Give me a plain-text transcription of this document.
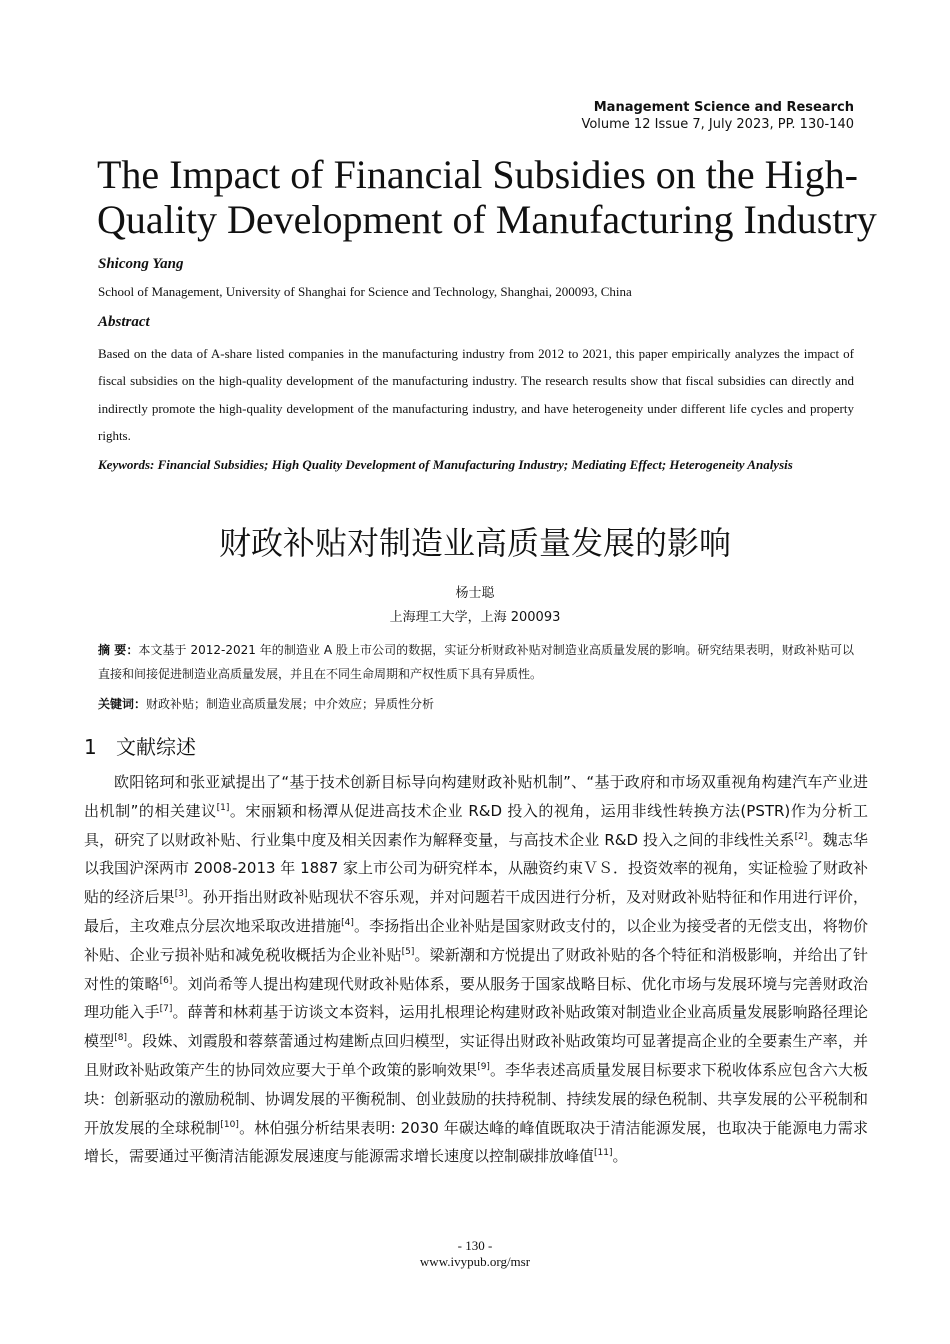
Management Science and Research
Volume 12 Issue 7, July 2023, PP. 130-140
The Impact of Financial Subsidies on the High-Quality Development of Manufacturing Industry
Shicong Yang
School of Management, University of Shanghai for Science and Technology, Shanghai, 200093, China
Abstract
Based on the data of A-share listed companies in the manufacturing industry from 2012 to 2021, this paper empirically analyzes the impact of fiscal subsidies on the high-quality development of the manufacturing industry. The research results show that fiscal subsidies can directly and indirectly promote the high-quality development of the manufacturing industry, and have heterogeneity under different life cycles and property rights.
Keywords: Financial Subsidies; High Quality Development of Manufacturing Industry; Mediating Effect; Heterogeneity Analysis
财政补贴对制造业高质量发展的影响
杨士聪
上海理工大学，上海 200093
摘 要：本文基于 2012-2021 年的制造业 A 股上市公司的数据，实证分析财政补贴对制造业高质量发展的影响。研究结果表明，财政补贴可以直接和间接促进制造业高质量发展，并且在不同生命周期和产权性质下具有异质性。
关键词：财政补贴；制造业高质量发展；中介效应；异质性分析
1 文献综述
欧阳铭珂和张亚斌提出了“基于技术创新目标导向构建财政补贴机制”、“基于政府和市场双重视角构建汽车产业进出机制”的相关建议[1]。宋丽颖和杨潭从促进高技术企业 R&D 投入的视角，运用非线性转换方法(PSTR)作为分析工具，研究了以财政补贴、行业集中度及相关因素作为解释变量，与高技术企业 R&D 投入之间的非线性关系[2]。魏志华以我国沪深两市 2008-2013 年 1887 家上市公司为研究样本，从融资约束ＶＳ．投资效率的视角，实证检验了财政补贴的经济后果[3]。孙开指出财政补贴现状不容乐观，并对问题若干成因进行分析，及对财政补贴特征和作用进行评价，最后，主攻难点分层次地采取改进措施[4]。李扬指出企业补贴是国家财政支付的，以企业为接受者的无偿支出，将物价补贴、企业亏损补贴和减免税收概括为企业补贴[5]。梁新潮和方悦提出了财政补贴的各个特征和消极影响，并给出了针对性的策略[6]。刘尚希等人提出构建现代财政补贴体系，要从服务于国家战略目标、优化市场与发展环境与完善财政治理功能入手[7]。薛菁和林莉基于访谈文本资料，运用扎根理论构建财政补贴政策对制造业企业高质量发展影响路径理论模型[8]。段姝、刘霞殷和蓉蔡蕾通过构建断点回归模型，实证得出财政补贴政策均可显著提高企业的全要素生产率，并且财政补贴政策产生的协同效应要大于单个政策的影响效果[9]。李华表述高质量发展目标要求下税收体系应包含六大板块：创新驱动的激励税制、协调发展的平衡税制、创业鼓励的扶持税制、持续发展的绿色税制、共享发展的公平税制和开放发展的全球税制[10]。林伯强分析结果表明: 2030 年碳达峰的峰值既取决于清洁能源发展，也取决于能源电力需求增长，需要通过平衡清洁能源发展速度与能源需求增长速度以控制碳排放峰值[11]。
- 130 -
www.ivypub.org/msr
